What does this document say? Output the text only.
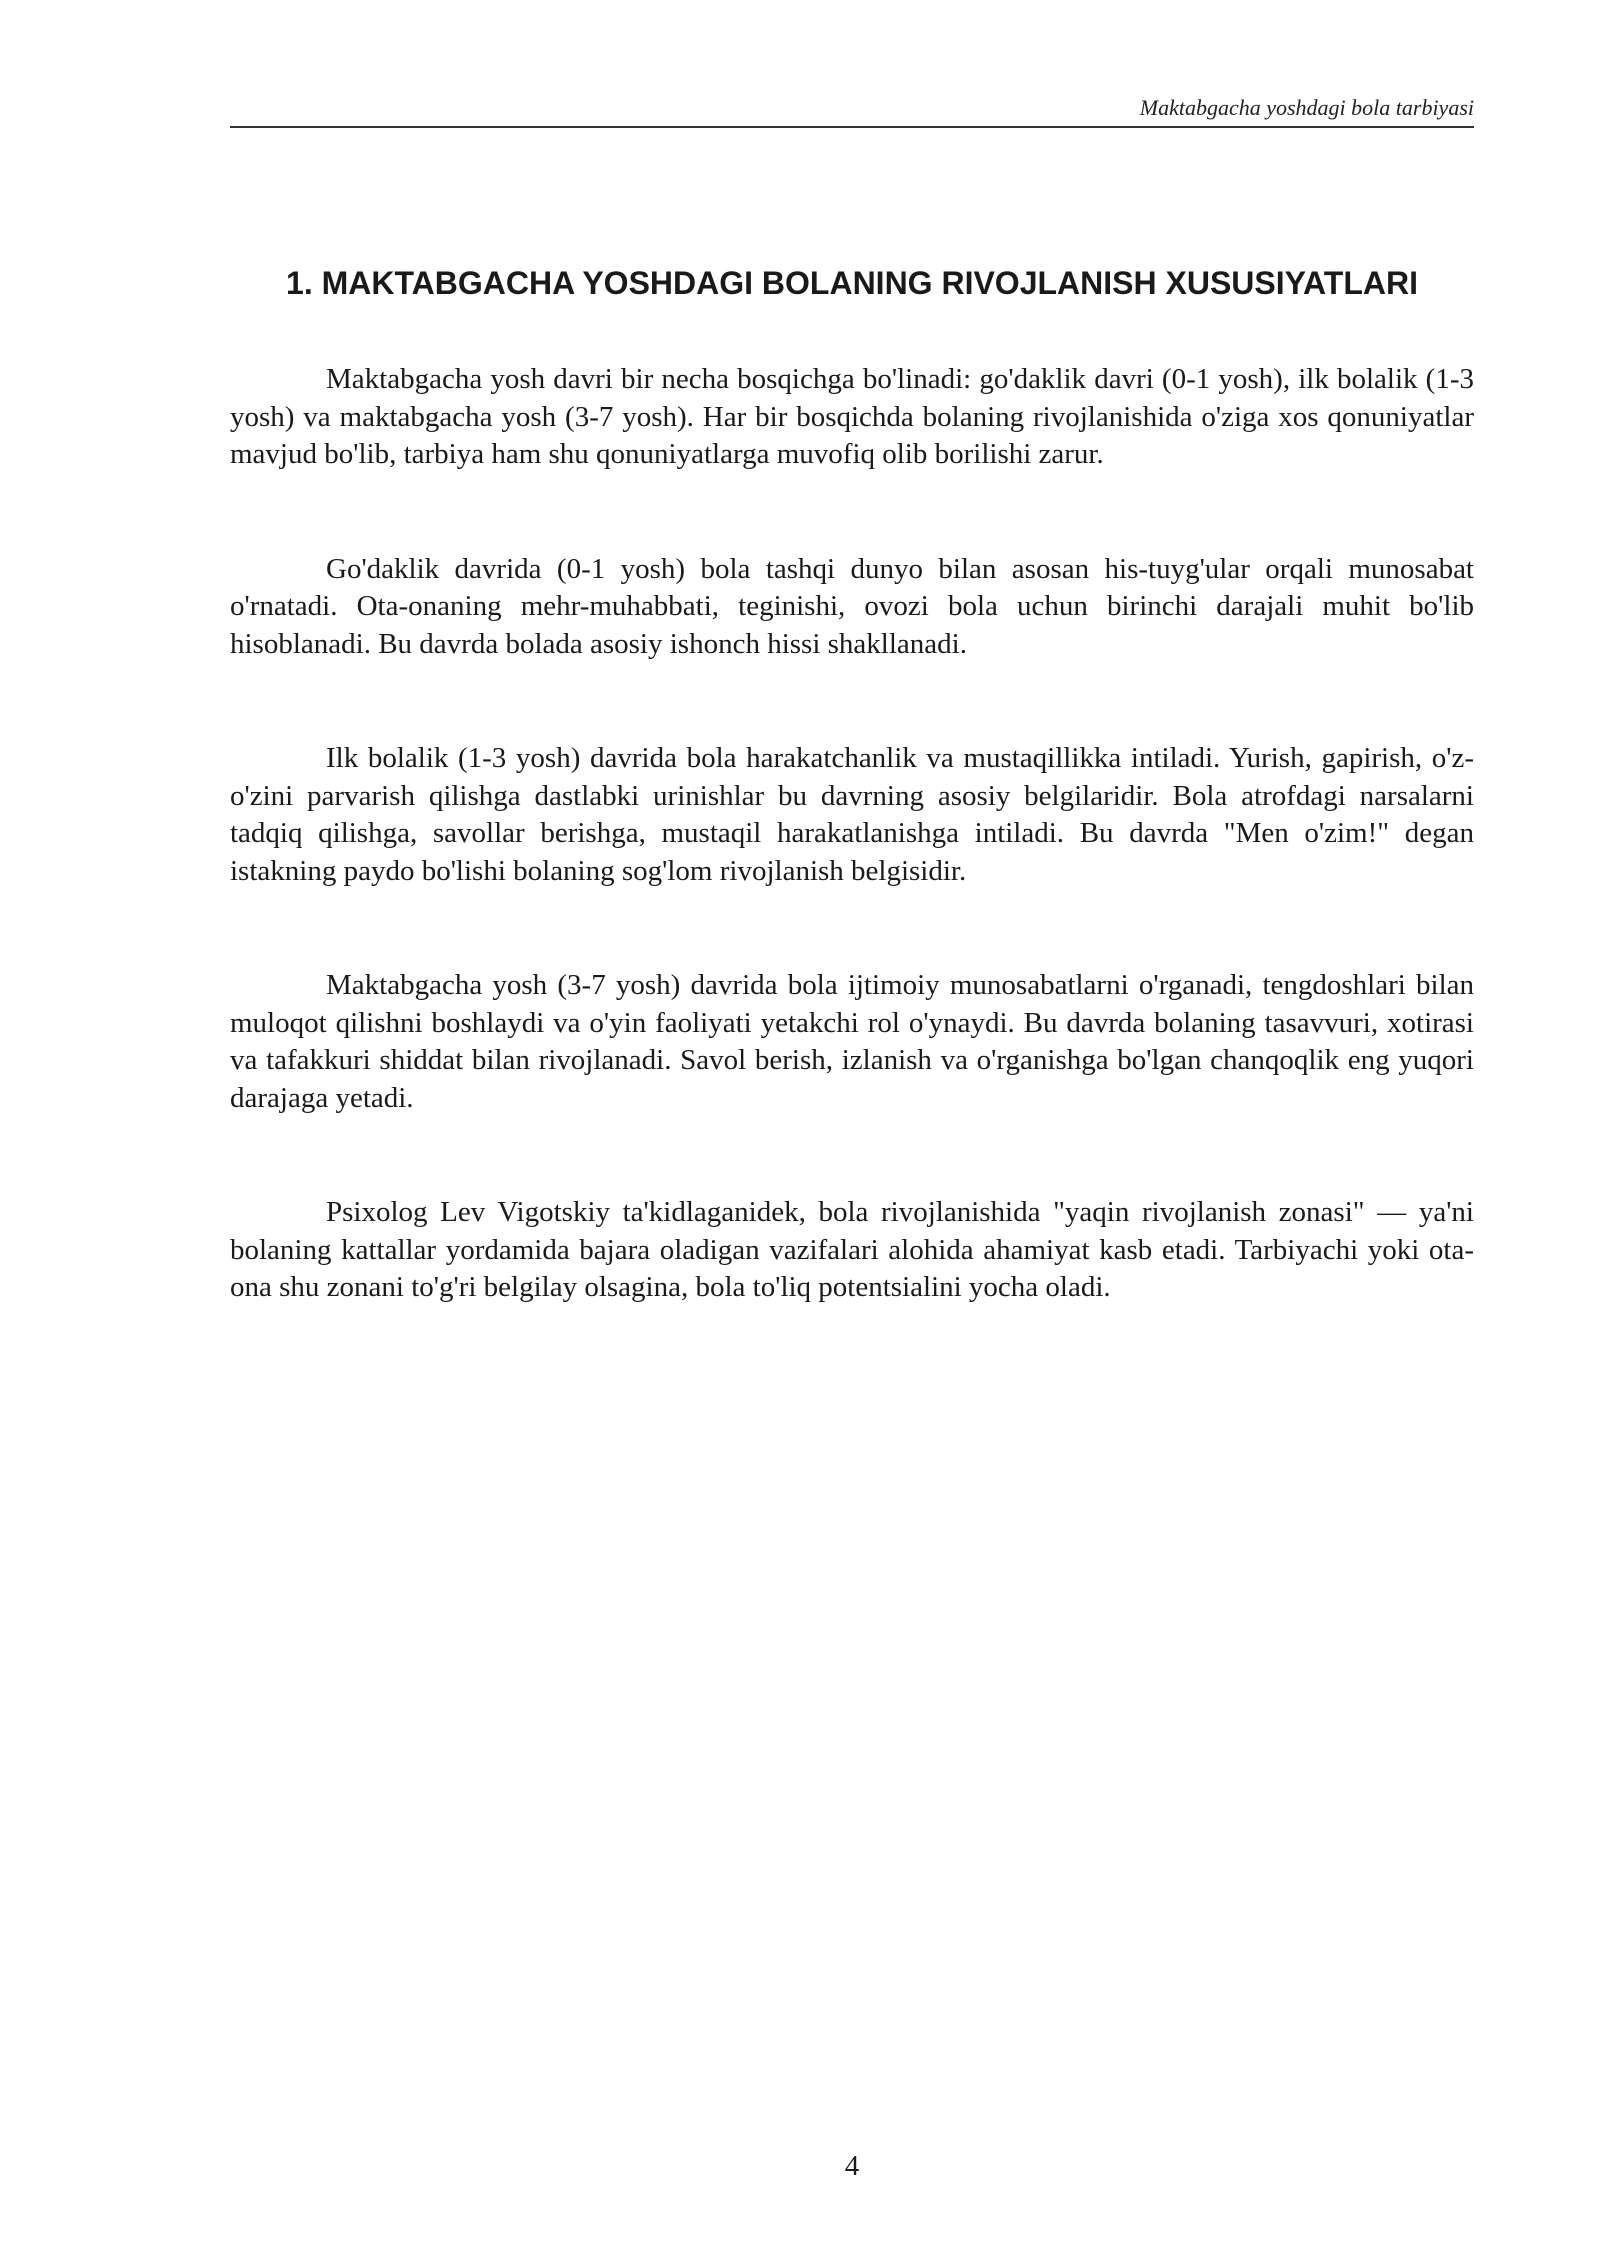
Maktabgacha yoshdagi bola tarbiyasi
1. MAKTABGACHA YOSHDAGI BOLANING RIVOJLANISH XUSUSIYATLARI

Maktabgacha yosh davri bir necha bosqichga bo'linadi: go'daklik davri (0-1 yosh), ilk bolalik (1-3 yosh) va maktabgacha yosh (3-7 yosh). Har bir bosqichda bolaning rivojlanishida o'ziga xos qonuniyatlar mavjud bo'lib, tarbiya ham shu qonuniyatlarga muvofiq olib borilishi zarur.

Go'daklik davrida (0-1 yosh) bola tashqi dunyo bilan asosan his-tuyg'ular orqali munosabat o'rnatadi. Ota-onaning mehr-muhabbati, teginishi, ovozi bola uchun birinchi darajali muhit bo'lib hisoblanadi. Bu davrda bolada asosiy ishonch hissi shakllanadi.

Ilk bolalik (1-3 yosh) davrida bola harakatchanlik va mustaqillikka intiladi. Yurish, gapirish, o'z-o'zini parvarish qilishga dastlabki urinishlar bu davrning asosiy belgilaridir. Bola atrofdagi narsalarni tadqiq qilishga, savollar berishga, mustaqil harakatlanishga intiladi. Bu davrda "Men o'zim!" degan istakning paydo bo'lishi bolaning sog'lom rivojlanish belgisidir.

Maktabgacha yosh (3-7 yosh) davrida bola ijtimoiy munosabatlarni o'rganadi, tengdoshlari bilan muloqot qilishni boshlaydi va o'yin faoliyati yetakchi rol o'ynaydi. Bu davrda bolaning tasavvuri, xotirasi va tafakkuri shiddat bilan rivojlanadi. Savol berish, izlanish va o'rganishga bo'lgan chanqoqlik eng yuqori darajaga yetadi.

Psixolog Lev Vigotskiy ta'kidlaganidek, bola rivojlanishida "yaqin rivojlanish zonasi" — ya'ni bolaning kattallar yordamida bajara oladigan vazifalari alohida ahamiyat kasb etadi. Tarbiyachi yoki ota-ona shu zonani to'g'ri belgilay olsagina, bola to'liq potentsialini yocha oladi.

4
